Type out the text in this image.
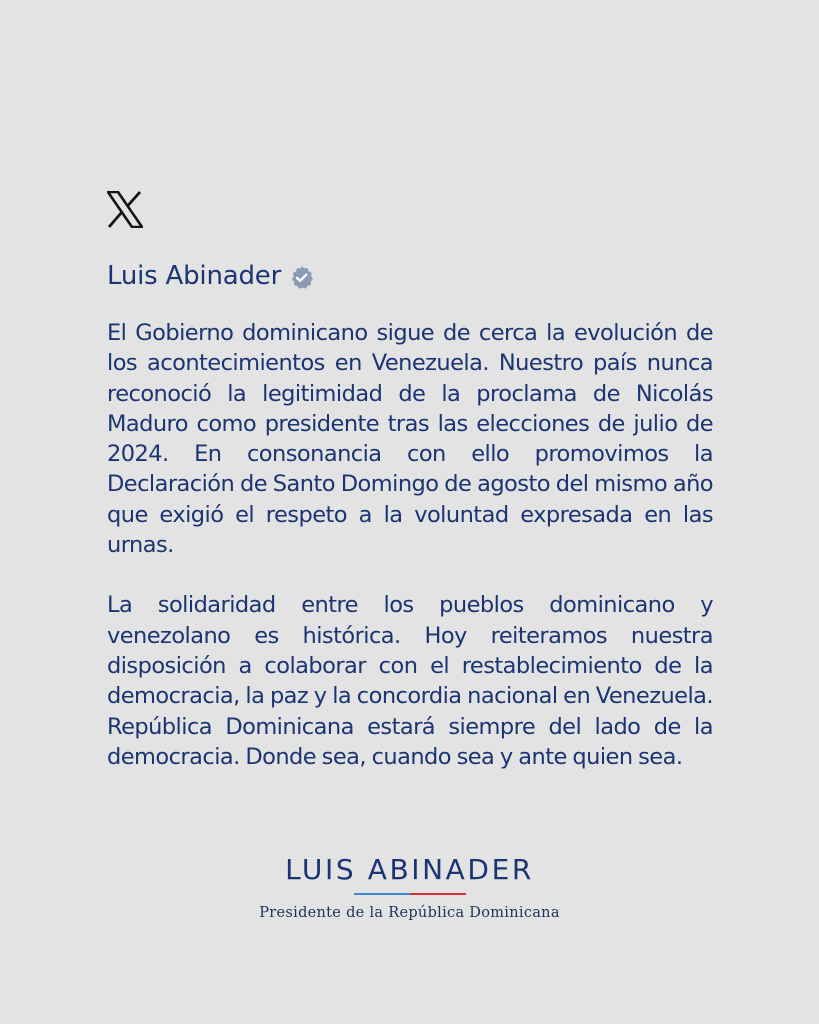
Luis Abinader

El Gobierno dominicano sigue de cerca la evolución de los acontecimientos en Venezuela. Nuestro país nunca reconoció la legitimidad de la proclama de Nicolás Maduro como presidente tras las elecciones de julio de 2024. En consonancia con ello promovimos la Declaración de Santo Domingo de agosto del mismo año que exigió el respeto a la voluntad expresada en las urnas.

La solidaridad entre los pueblos dominicano y venezolano es histórica. Hoy reiteramos nuestra disposición a colaborar con el restablecimiento de la democracia, la paz y la concordia nacional en Venezuela. República Dominicana estará siempre del lado de la democracia. Donde sea, cuando sea y ante quien sea.

LUIS ABINADER
Presidente de la República Dominicana
